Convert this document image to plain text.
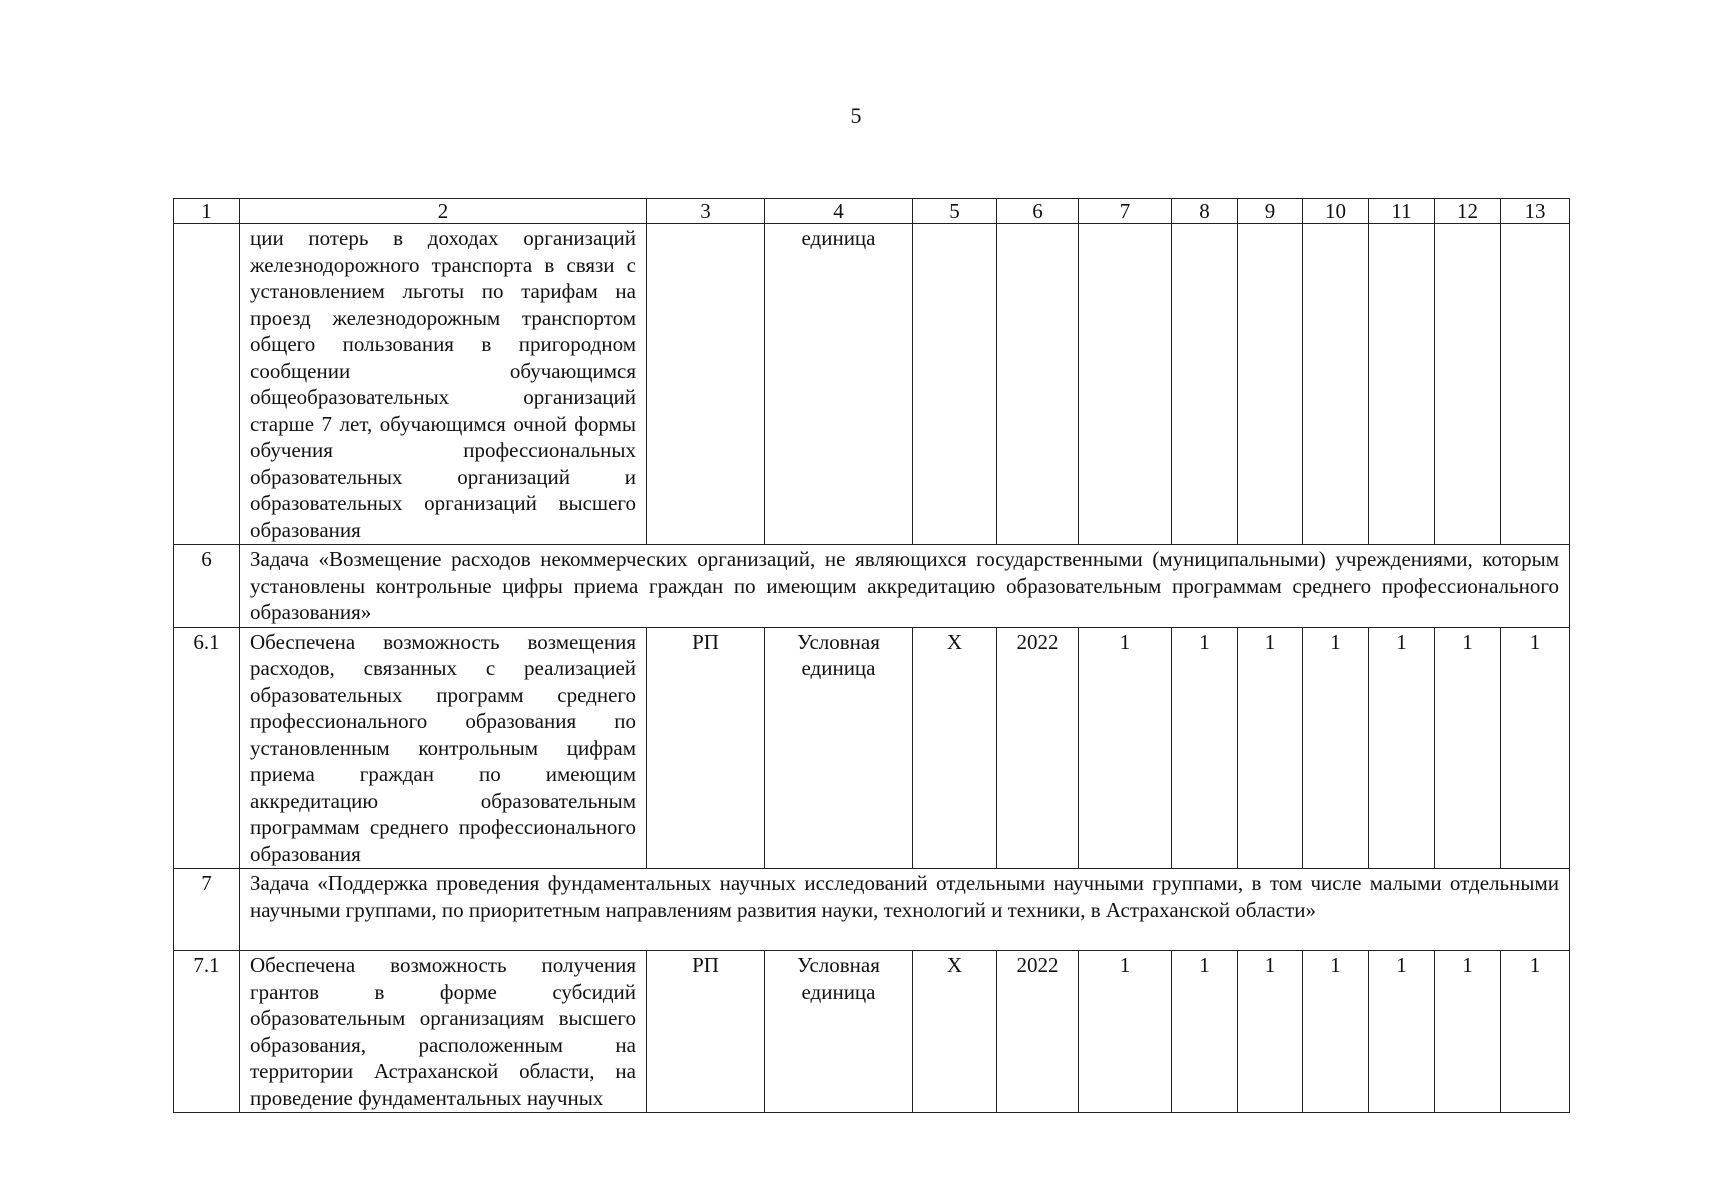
5
1	2	3	4	5	6	7	8	9	10	11	12	13
	ции потерь в доходах организаций железнодорожного транспорта в связи с установлением льготы по тарифам на проезд железнодорожным транспортом общего пользования в пригородном сообщении обучающимся общеобразовательных организаций старше 7 лет, обучающимся очной формы обучения профессиональных образовательных организаций и образовательных организаций высшего образования		единица									
6	Задача «Возмещение расходов некоммерческих организаций, не являющихся государственными (муниципальными) учреждениями, которым установлены контрольные цифры приема граждан по имеющим аккредитацию образовательным программам среднего профессионального образования»											
6.1	Обеспечена возможность возмещения расходов, связанных с реализацией образовательных программ среднего профессионального образования по установленным контрольным цифрам приема граждан по имеющим аккредитацию образовательным программам среднего профессионального образования	РП	Условная единица	X	2022	1	1	1	1	1	1	1
7	Задача «Поддержка проведения фундаментальных научных исследований отдельными научными группами, в том числе малыми отдельными научными группами, по приоритетным направлениям развития науки, технологий и техники, в Астраханской области»											
7.1	Обеспечена возможность получения грантов в форме субсидий образовательным организациям высшего образования, расположенным на территории Астраханской области, на проведение фундаментальных научных	РП	Условная единица	X	2022	1	1	1	1	1	1	1
